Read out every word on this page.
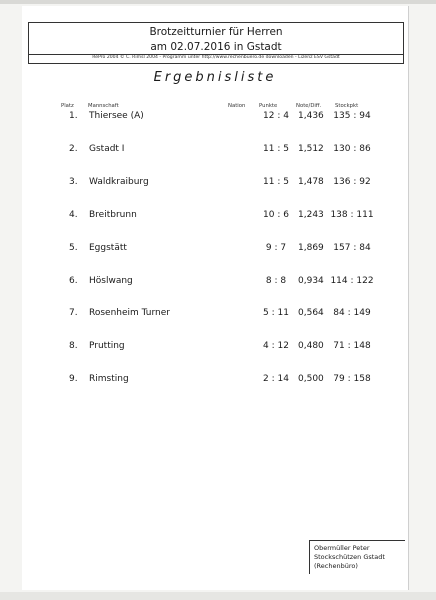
Brotzeitturnier für Herren
am 02.07.2016 in Gstadt
RePro 2004 © C. Rimsl 2004 - Programm unter http://www.rechenbuero.de downloaden - Lizenz ESV Gstadt
Ergebnisliste
Platz	Mannschaft	Nation	Punkte	Note/Diff.	Stockpkt
1. Thiersee (A)	12 : 4	1,436	135 : 94
2. Gstadt I	11 : 5	1,512	130 : 86
3. Waldkraiburg	11 : 5	1,478	136 : 92
4. Breitbrunn	10 : 6	1,243 138 : 111
5. Eggstätt	9 : 7	1,869	157 : 84
6. Höslwang	8 : 8	0,934 114 : 122
7. Rosenheim Turner	5 : 11	0,564	84 : 149
8. Prutting	4 : 12	0,480	71 : 148
9. Rimsting	2 : 14	0,500	79 : 158
Obermüller Peter
Stockschützen Gstadt
(Rechenbüro)
